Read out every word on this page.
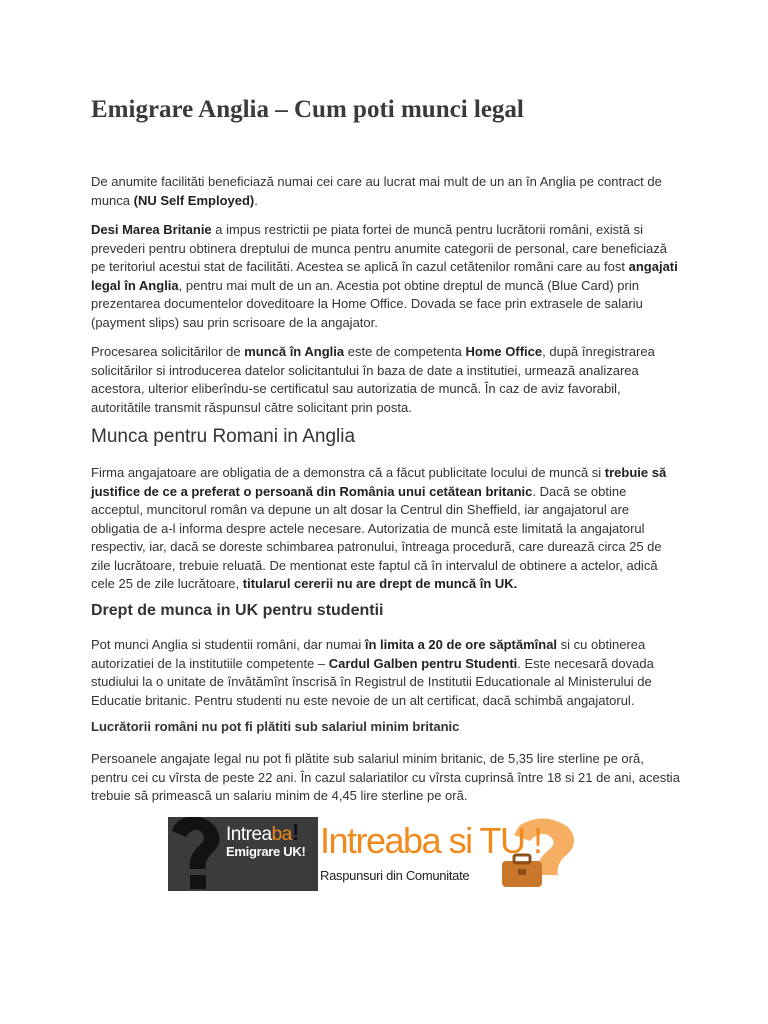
Emigrare Anglia – Cum poti munci legal

De anumite facilităti beneficiază numai cei care au lucrat mai mult de un an în Anglia pe contract de munca (NU Self Employed).

Desi Marea Britanie a impus restrictii pe piata fortei de muncă pentru lucrătorii români, există si prevederi pentru obtinera dreptului de munca pentru anumite categorii de personal, care beneficiază pe teritoriul acestui stat de facilităti. Acestea se aplică în cazul cetătenilor români care au fost angajati legal în Anglia, pentru mai mult de un an. Acestia pot obtine dreptul de muncă (Blue Card) prin prezentarea documentelor doveditoare la Home Office. Dovada se face prin extrasele de salariu (payment slips) sau prin scrisoare de la angajator.

Procesarea solicitărilor de muncă în Anglia este de competenta Home Office, după înregistrarea solicitărilor si introducerea datelor solicitantului în baza de date a institutiei, urmează analizarea acestora, ulterior eliberîndu-se certificatul sau autorizatia de muncă. În caz de aviz favorabil, autoritătile transmit răspunsul către solicitant prin posta.

Munca pentru Romani in Anglia

Firma angajatoare are obligatia de a demonstra că a făcut publicitate locului de muncă si trebuie să justifice de ce a preferat o persoană din România unui cetătean britanic. Dacă se obtine acceptul, muncitorul român va depune un alt dosar la Centrul din Sheffield, iar angajatorul are obligatia de a-l informa despre actele necesare. Autorizatia de muncă este limitată la angajatorul respectiv, iar, dacă se doreste schimbarea patronului, întreaga procedură, care durează circa 25 de zile lucrătoare, trebuie reluată. De mentionat este faptul că în intervalul de obtinere a actelor, adică cele 25 de zile lucrătoare, titularul cererii nu are drept de muncă în UK.

Drept de munca in UK pentru studentii

Pot munci Anglia si studentii români, dar numai în limita a 20 de ore săptămînal si cu obtinerea autorizatiei de la institutiile competente – Cardul Galben pentru Studenti. Este necesară dovada studiului la o unitate de învătămînt înscrisă în Registrul de Institutii Educationale al Ministerului de Educatie britanic. Pentru studenti nu este nevoie de un alt certificat, dacă schimbă angajatorul.

Lucrătorii români nu pot fi plătiti sub salariul minim britanic

Persoanele angajate legal nu pot fi plătite sub salariul minim britanic, de 5,35 lire sterline pe oră, pentru cei cu vîrsta de peste 22 ani. În cazul salariatilor cu vîrsta cuprinsă între 18 si 21 de ani, acestia trebuie să primească un salariu minim de 4,45 lire sterline pe oră.

Intreaba!
Emigrare UK! Intreaba si TU !
Raspunsuri din Comunitate
